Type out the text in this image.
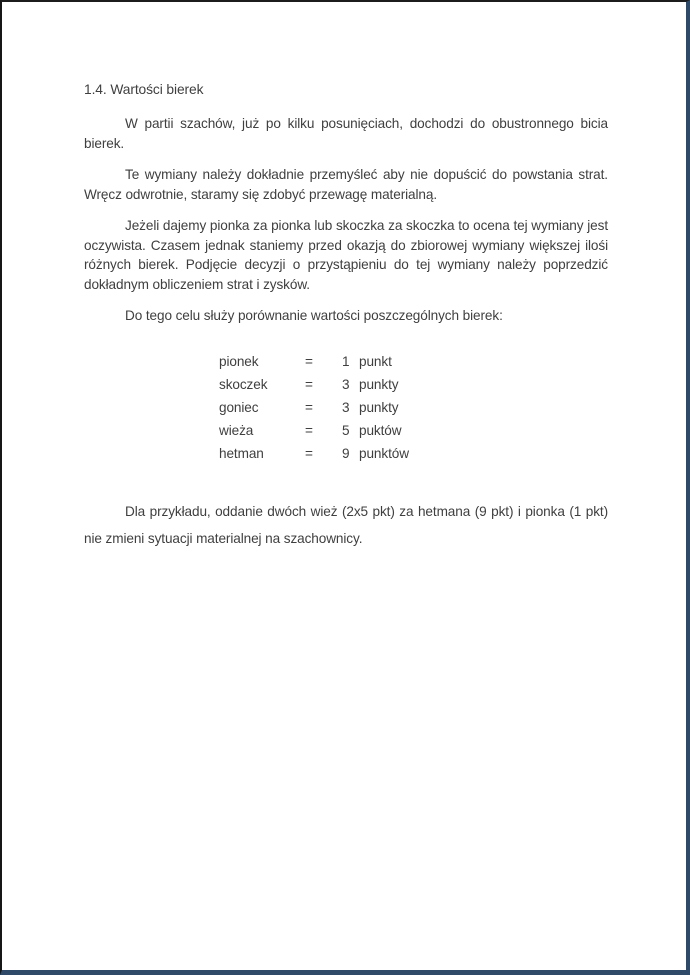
1.4. Wartości bierek

W partii szachów, już po kilku posunięciach, dochodzi do obustronnego bicia bierek.

Te wymiany należy dokładnie przemyśleć aby nie dopuścić do powstania strat. Wręcz odwrotnie, staramy się zdobyć przewagę materialną.

Jeżeli dajemy pionka za pionka lub skoczka za skoczka to ocena tej wymiany jest oczywista. Czasem jednak staniemy przed okazją do zbiorowej wymiany większej ilośi różnych bierek. Podjęcie decyzji o przystąpieniu do tej wymiany należy poprzedzić dokładnym obliczeniem strat i zysków.

Do tego celu służy porównanie wartości poszczególnych bierek:

pionek	=	1 punkt
skoczek	=	3 punkty
goniec	=	3 punkty
wieża	=	5 puktów
hetman	=	9 punktów

Dla przykładu, oddanie dwóch wież (2x5 pkt) za hetmana (9 pkt) i pionka (1 pkt) nie zmieni sytuacji materialnej na szachownicy.
